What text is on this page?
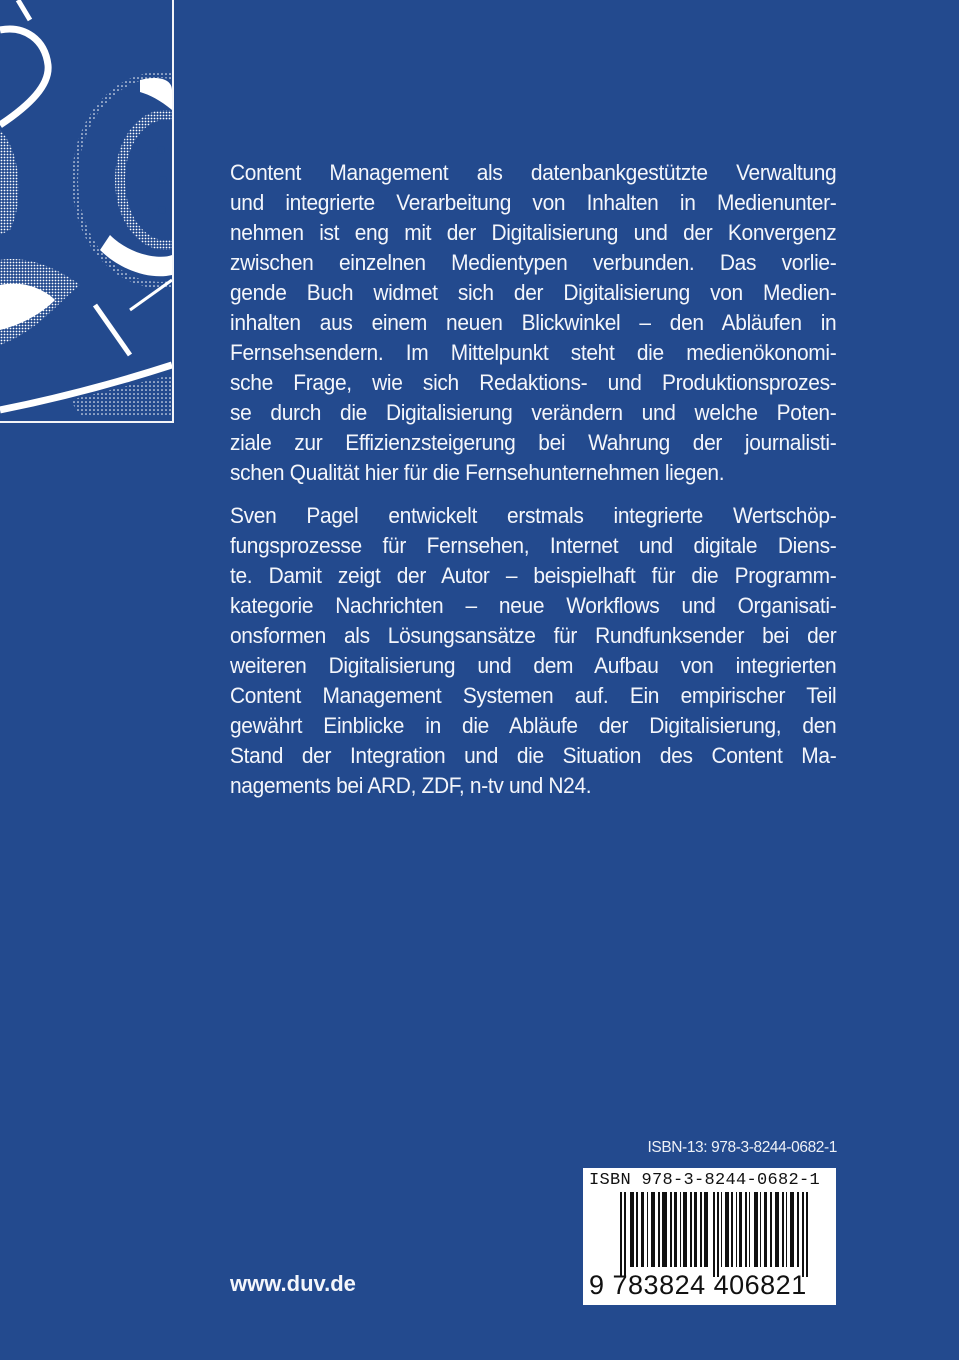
Content Management als datenbankgestützte Verwaltung
und integrierte Verarbeitung von Inhalten in Medienunter-
nehmen ist eng mit der Digitalisierung und der Konvergenz
zwischen einzelnen Medientypen verbunden. Das vorlie-
gende Buch widmet sich der Digitalisierung von Medien-
inhalten aus einem neuen Blickwinkel – den Abläufen in
Fernsehsendern. Im Mittelpunkt steht die medienökonomi-
sche Frage, wie sich Redaktions- und Produktionsprozes-
se durch die Digitalisierung verändern und welche Poten-
ziale zur Effizienzsteigerung bei Wahrung der journalisti-
schen Qualität hier für die Fernsehunternehmen liegen.

Sven Pagel entwickelt erstmals integrierte Wertschöp-
fungsprozesse für Fernsehen, Internet und digitale Diens-
te. Damit zeigt der Autor – beispielhaft für die Programm-
kategorie Nachrichten – neue Workflows und Organisati-
onsformen als Lösungsansätze für Rundfunksender bei der
weiteren Digitalisierung und dem Aufbau von integrierten
Content Management Systemen auf. Ein empirischer Teil
gewährt Einblicke in die Abläufe der Digitalisierung, den
Stand der Integration und die Situation des Content Ma-
nagements bei ARD, ZDF, n-tv und N24.

ISBN-13: 978-3-8244-0682-1
ISBN 978-3-8244-0682-1
9 783824 406821
www.duv.de
